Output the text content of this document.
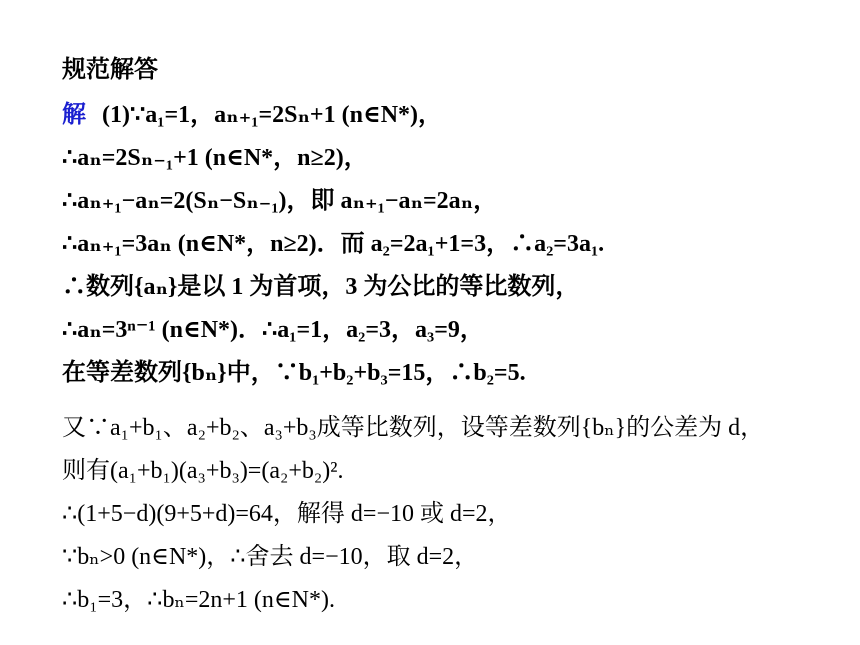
规范解答
解 (1)∵a₁=1，aₙ₊₁=2Sₙ+1 (n∈N*)，
∴aₙ=2Sₙ₋₁+1 (n∈N*，n≥2)，
∴aₙ₊₁−aₙ=2(Sₙ−Sₙ₋₁)，即 aₙ₊₁−aₙ=2aₙ，
∴aₙ₊₁=3aₙ (n∈N*，n≥2)．而 a₂=2a₁+1=3，∴a₂=3a₁.
∴数列{aₙ}是以 1 为首项，3 为公比的等比数列，
∴aₙ=3ⁿ⁻¹ (n∈N*)．∴a₁=1，a₂=3，a₃=9，
在等差数列{bₙ}中，∵b₁+b₂+b₃=15，∴b₂=5.
又∵a₁+b₁、a₂+b₂、a₃+b₃成等比数列，设等差数列{bₙ}的公差为 d，
则有(a₁+b₁)(a₃+b₃)=(a₂+b₂)².
∴(1+5−d)(9+5+d)=64，解得 d=−10 或 d=2，
∵bₙ>0 (n∈N*)，∴舍去 d=−10，取 d=2，
∴b₁=3，∴bₙ=2n+1 (n∈N*).
